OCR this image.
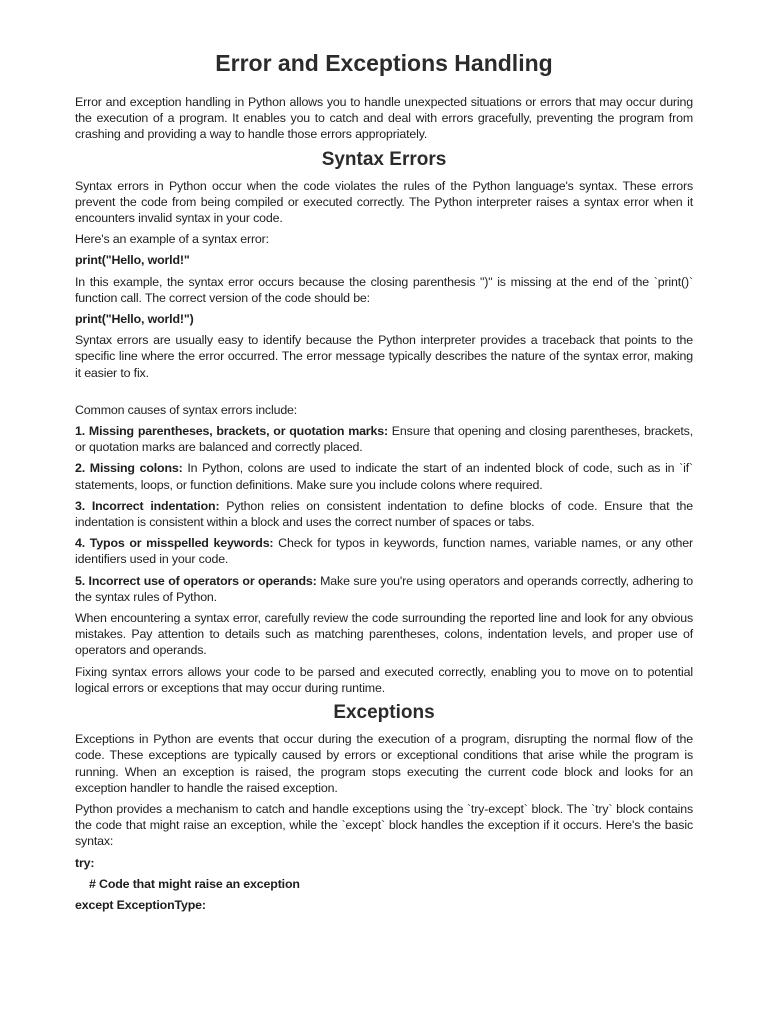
Error and Exceptions Handling

Error and exception handling in Python allows you to handle unexpected situations or errors that may occur during the execution of a program. It enables you to catch and deal with errors gracefully, preventing the program from crashing and providing a way to handle those errors appropriately.

Syntax Errors

Syntax errors in Python occur when the code violates the rules of the Python language's syntax. These errors prevent the code from being compiled or executed correctly. The Python interpreter raises a syntax error when it encounters invalid syntax in your code.

Here's an example of a syntax error:

print("Hello, world!"

In this example, the syntax error occurs because the closing parenthesis ")" is missing at the end of the `print()` function call. The correct version of the code should be:

print("Hello, world!")

Syntax errors are usually easy to identify because the Python interpreter provides a traceback that points to the specific line where the error occurred. The error message typically describes the nature of the syntax error, making it easier to fix.

Common causes of syntax errors include:

1. Missing parentheses, brackets, or quotation marks: Ensure that opening and closing parentheses, brackets, or quotation marks are balanced and correctly placed.

2. Missing colons: In Python, colons are used to indicate the start of an indented block of code, such as in `if` statements, loops, or function definitions. Make sure you include colons where required.

3. Incorrect indentation: Python relies on consistent indentation to define blocks of code. Ensure that the indentation is consistent within a block and uses the correct number of spaces or tabs.

4. Typos or misspelled keywords: Check for typos in keywords, function names, variable names, or any other identifiers used in your code.

5. Incorrect use of operators or operands: Make sure you're using operators and operands correctly, adhering to the syntax rules of Python.

When encountering a syntax error, carefully review the code surrounding the reported line and look for any obvious mistakes. Pay attention to details such as matching parentheses, colons, indentation levels, and proper use of operators and operands.

Fixing syntax errors allows your code to be parsed and executed correctly, enabling you to move on to potential logical errors or exceptions that may occur during runtime.

Exceptions

Exceptions in Python are events that occur during the execution of a program, disrupting the normal flow of the code. These exceptions are typically caused by errors or exceptional conditions that arise while the program is running. When an exception is raised, the program stops executing the current code block and looks for an exception handler to handle the raised exception.

Python provides a mechanism to catch and handle exceptions using the `try-except` block. The `try` block contains the code that might raise an exception, while the `except` block handles the exception if it occurs. Here's the basic syntax:

try:

# Code that might raise an exception

except ExceptionType:
